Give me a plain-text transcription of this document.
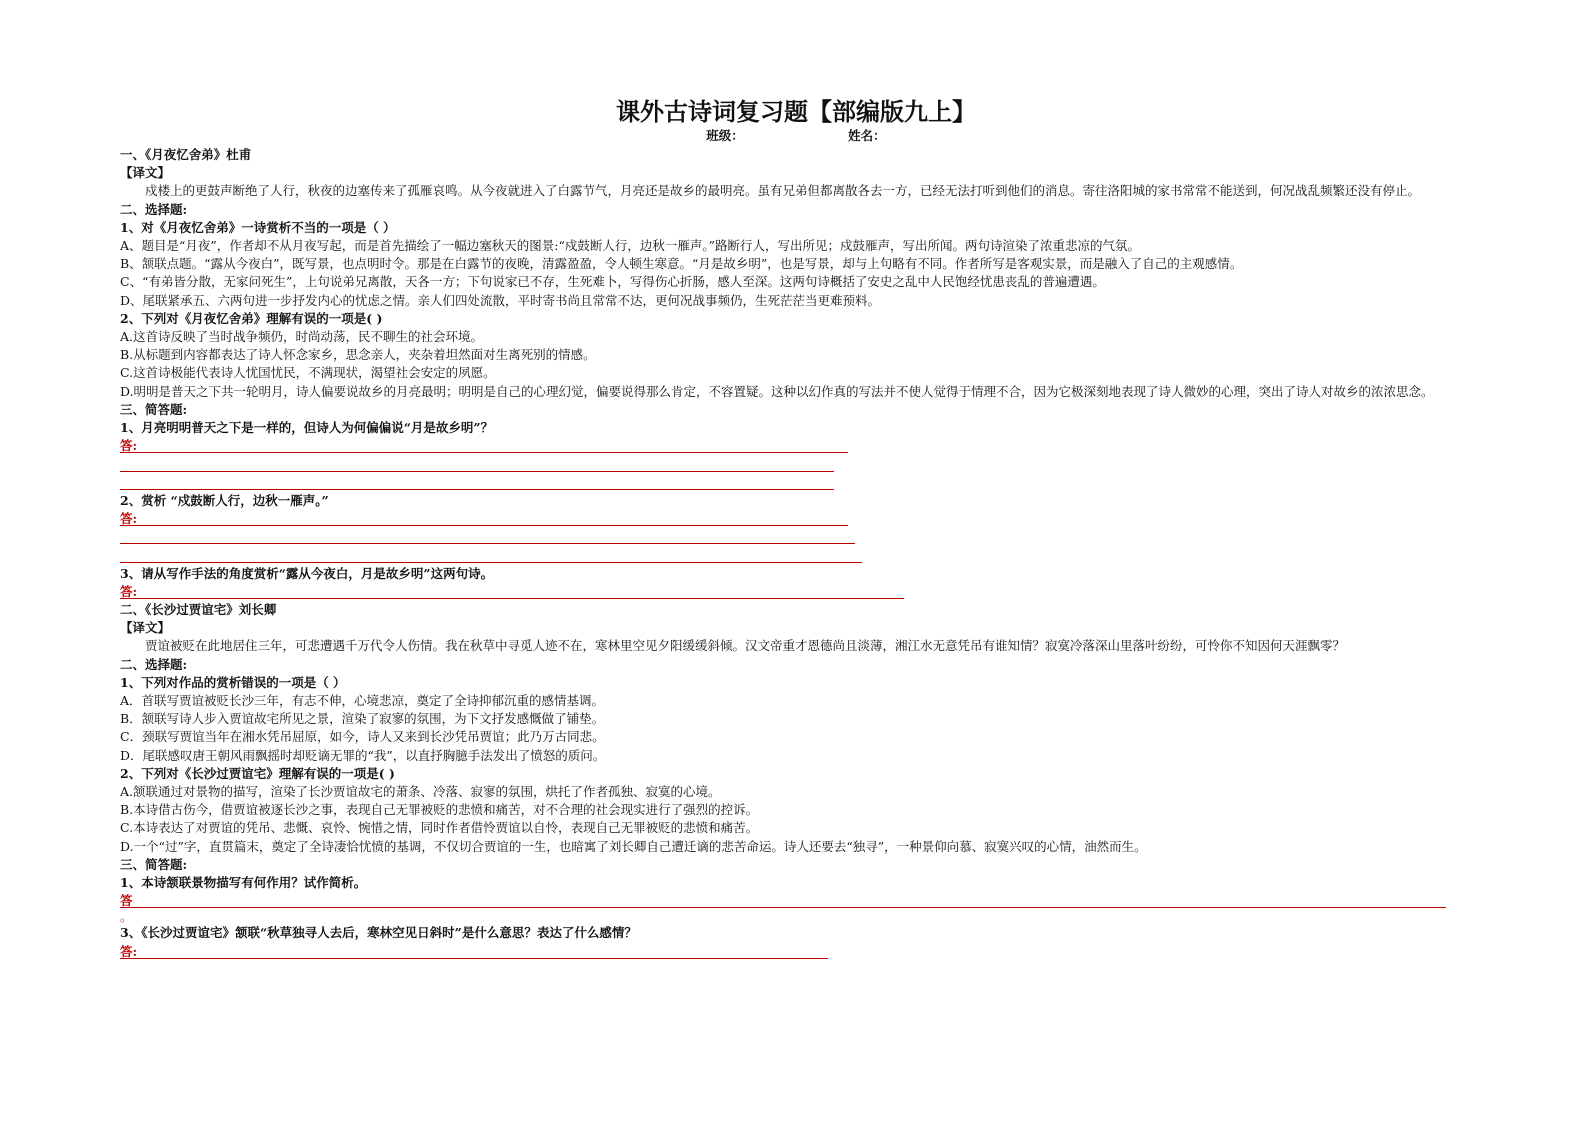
课外古诗词复习题【部编版九上】
班级：	姓名：
一、《月夜忆舍弟》杜甫
【译文】
戍楼上的更鼓声断绝了人行，秋夜的边塞传来了孤雁哀鸣。从今夜就进入了白露节气，月亮还是故乡的最明亮。虽有兄弟但都离散各去一方，已经无法打听到他们的消息。寄往洛阳城的家书常常不能送到，何况战乱频繁还没有停止。
二、选择题:
1、对《月夜忆舍弟》一诗赏析不当的一项是（ ）
A、题目是“月夜”，作者却不从月夜写起，而是首先描绘了一幅边塞秋天的图景:“戍鼓断人行，边秋一雁声。”路断行人，写出所见；戍鼓雁声，写出所闻。两句诗渲染了浓重悲凉的气氛。
B、颔联点题。“露从今夜白”，既写景，也点明时令。那是在白露节的夜晚，清露盈盈，令人顿生寒意。“月是故乡明”，也是写景，却与上句略有不同。作者所写是客观实景，而是融入了自己的主观感情。
C、“有弟皆分散，无家问死生”，上句说弟兄离散，天各一方；下句说家已不存，生死难卜，写得伤心折肠，感人至深。这两句诗概括了安史之乱中人民饱经忧患丧乱的普遍遭遇。
D、尾联紧承五、六两句进一步抒发内心的忧虑之情。亲人们四处流散，平时寄书尚且常常不达，更何况战事频仍，生死茫茫当更难预料。
2、下列对《月夜忆舍弟》理解有误的一项是( )
A.这首诗反映了当时战争频仍，时尚动荡，民不聊生的社会环境。
B.从标题到内容都表达了诗人怀念家乡，思念亲人，夹杂着坦然面对生离死别的情感。
C.这首诗极能代表诗人忧国忧民，不满现状，渴望社会安定的夙愿。
D.明明是普天之下共一轮明月，诗人偏要说故乡的月亮最明；明明是自己的心理幻觉，偏要说得那么肯定，不容置疑。这种以幻作真的写法并不使人觉得于情理不合，因为它极深刻地表现了诗人微妙的心理，突出了诗人对故乡的浓浓思念。
三、简答题:
1、月亮明明普天之下是一样的，但诗人为何偏偏说“月是故乡明”？
答:
2、赏析 “戍鼓断人行，边秋一雁声。”
答:
3、请从写作手法的角度赏析“露从今夜白，月是故乡明”这两句诗。
答:
二、《长沙过贾谊宅》刘长卿
【译文】
贾谊被贬在此地居住三年，可悲遭遇千万代令人伤情。我在秋草中寻觅人迹不在，寒林里空见夕阳缓缓斜倾。汉文帝重才恩德尚且淡薄，湘江水无意凭吊有谁知情？寂寞冷落深山里落叶纷纷，可怜你不知因何天涯飘零？
二、选择题:
1、下列对作品的赏析错误的一项是（ ）
A．首联写贾谊被贬长沙三年，有志不伸，心境悲凉，奠定了全诗抑郁沉重的感情基调。
B．颔联写诗人步入贾谊故宅所见之景，渲染了寂寥的氛围，为下文抒发感慨做了铺垫。
C．颈联写贾谊当年在湘水凭吊屈原，如今，诗人又来到长沙凭吊贾谊；此乃万古同悲。
D．尾联感叹唐王朝风雨飘摇时却贬谪无罪的“我”，以直抒胸臆手法发出了愤怒的质问。
2、下列对《长沙过贾谊宅》理解有误的一项是( )
A.颔联通过对景物的描写，渲染了长沙贾谊故宅的萧条、冷落、寂寥的氛围，烘托了作者孤独、寂寞的心境。
B.本诗借古伤今，借贾谊被逐长沙之事，表现自己无罪被贬的悲愤和痛苦，对不合理的社会现实进行了强烈的控诉。
C.本诗表达了对贾谊的凭吊、悲慨、哀怜、惋惜之情，同时作者借怜贾谊以自怜，表现自己无罪被贬的悲愤和痛苦。
D.一个“过”字，直贯篇末，奠定了全诗凄恰忧愤的基调，不仅切合贾谊的一生，也暗寓了刘长卿自己遭迁谪的悲苦命运。诗人还要去“独寻”，一种景仰向慕、寂寞兴叹的心情，油然而生。
三、简答题:
1、本诗颔联景物描写有何作用？试作简析。
答
。
3、《长沙过贾谊宅》颔联“秋草独寻人去后，寒林空见日斜时”是什么意思？表达了什么感情？
答:
